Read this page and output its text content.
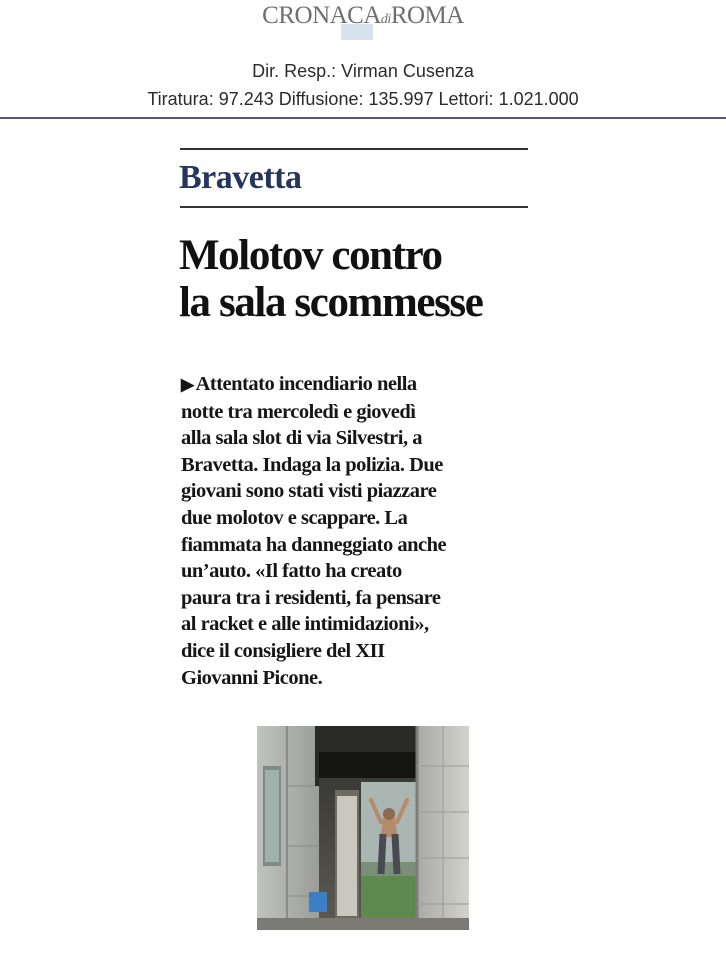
CRONACAdiROMA
Dir. Resp.: Virman Cusenza
Tiratura: 97.243 Diffusione: 135.997 Lettori: 1.021.000
Bravetta
Molotov contro
la sala scommesse
▶Attentato incendiario nella
notte tra mercoledì e giovedì
alla sala slot di via Silvestri, a
Bravetta. Indaga la polizia. Due
giovani sono stati visti piazzare
due molotov e scappare. La
fiammata ha danneggiato anche
un’auto. «Il fatto ha creato
paura tra i residenti, fa pensare
al racket e alle intimidazioni»,
dice il consigliere del XII
Giovanni Picone.
